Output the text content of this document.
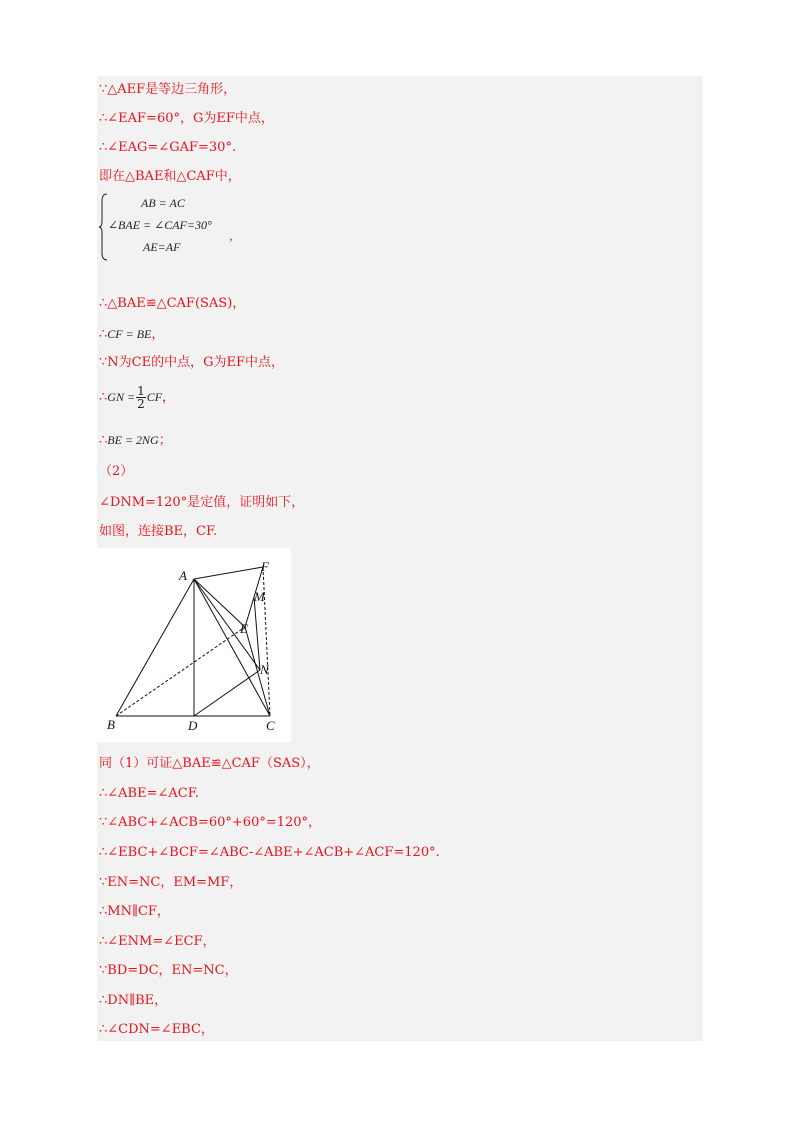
∵△AEF是等边三角形，
∴∠EAF=60°，G为EF中点，
∴∠EAG=∠GAF=30°.
即在△BAE和△CAF中，
AB = AC
∠BAE = ∠CAF=30°
AE=AF
，
∴△BAE≌△CAF(SAS)，
∴CF = BE，
∵N为CE的中点，G为EF中点，
∴GN = $\frac{1}{2}$ CF，
∴BE = 2NG；
（2）
∠DNM=120°是定值，证明如下，
如图，连接BE，CF.
A
F
M
E
N
B	D	C
同（1）可证△BAE≌△CAF（SAS），
∴∠ABE=∠ACF.
∵∠ABC+∠ACB=60°+60°=120°，
∴∠EBC+∠BCF=∠ABC-∠ABE+∠ACB+∠ACF=120°.
∵EN=NC，EM=MF，
∴MN∥CF，
∴∠ENM=∠ECF，
∵BD=DC，EN=NC，
∴DN∥BE，
∴∠CDN=∠EBC，
